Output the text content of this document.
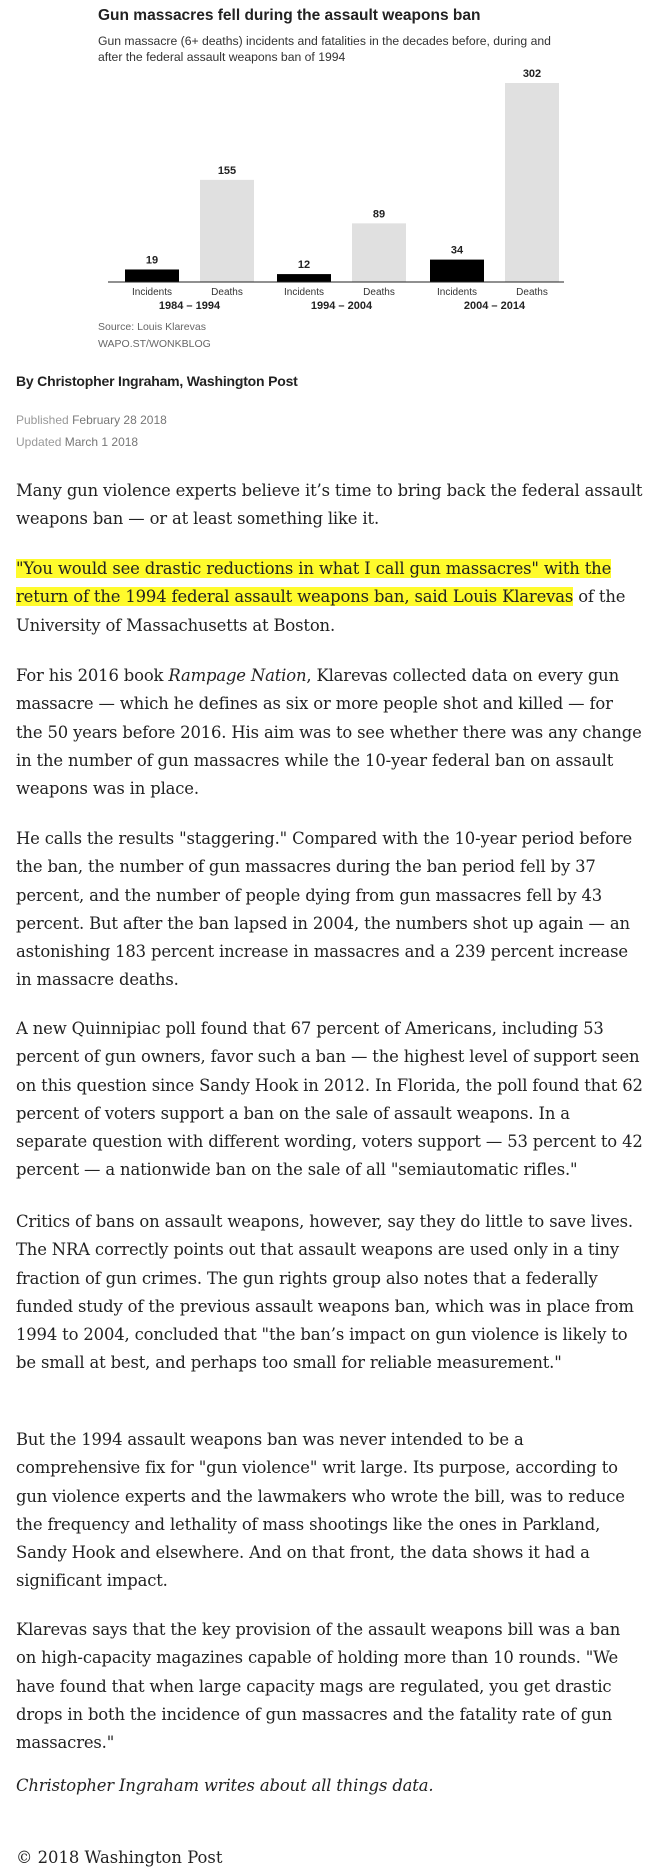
Gun massacres fell during the assault weapons ban
Gun massacre (6+ deaths) incidents and fatalities in the decades before, during and after the federal assault weapons ban of 1994
19
Incidents
155
Deaths
1984 – 1994
12
Incidents
89
Deaths
1994 – 2004
34
Incidents
302
Deaths
2004 – 2014
Source: Louis Klarevas
WAPO.ST/WONKBLOG
By Christopher Ingraham, Washington Post
Published February 28 2018
Updated March 1 2018

Many gun violence experts believe it’s time to bring back the federal assault weapons ban — or at least something like it.

"You would see drastic reductions in what I call gun massacres" with the return of the 1994 federal assault weapons ban, said Louis Klarevas of the University of Massachusetts at Boston.

For his 2016 book Rampage Nation, Klarevas collected data on every gun massacre — which he defines as six or more people shot and killed — for the 50 years before 2016. His aim was to see whether there was any change in the number of gun massacres while the 10-year federal ban on assault weapons was in place.

He calls the results "staggering." Compared with the 10-year period before the ban, the number of gun massacres during the ban period fell by 37 percent, and the number of people dying from gun massacres fell by 43 percent. But after the ban lapsed in 2004, the numbers shot up again — an astonishing 183 percent increase in massacres and a 239 percent increase in massacre deaths.

A new Quinnipiac poll found that 67 percent of Americans, including 53 percent of gun owners, favor such a ban — the highest level of support seen on this question since Sandy Hook in 2012. In Florida, the poll found that 62 percent of voters support a ban on the sale of assault weapons. In a separate question with different wording, voters support — 53 percent to 42 percent — a nationwide ban on the sale of all "semiautomatic rifles."

Critics of bans on assault weapons, however, say they do little to save lives. The NRA correctly points out that assault weapons are used only in a tiny fraction of gun crimes. The gun rights group also notes that a federally funded study of the previous assault weapons ban, which was in place from 1994 to 2004, concluded that "the ban’s impact on gun violence is likely to be small at best, and perhaps too small for reliable measurement."

But the 1994 assault weapons ban was never intended to be a comprehensive fix for "gun violence" writ large. Its purpose, according to gun violence experts and the lawmakers who wrote the bill, was to reduce the frequency and lethality of mass shootings like the ones in Parkland, Sandy Hook and elsewhere. And on that front, the data shows it had a significant impact.

Klarevas says that the key provision of the assault weapons bill was a ban on high-capacity magazines capable of holding more than 10 rounds. "We have found that when large capacity mags are regulated, you get drastic drops in both the incidence of gun massacres and the fatality rate of gun massacres."

Christopher Ingraham writes about all things data.

© 2018 Washington Post
